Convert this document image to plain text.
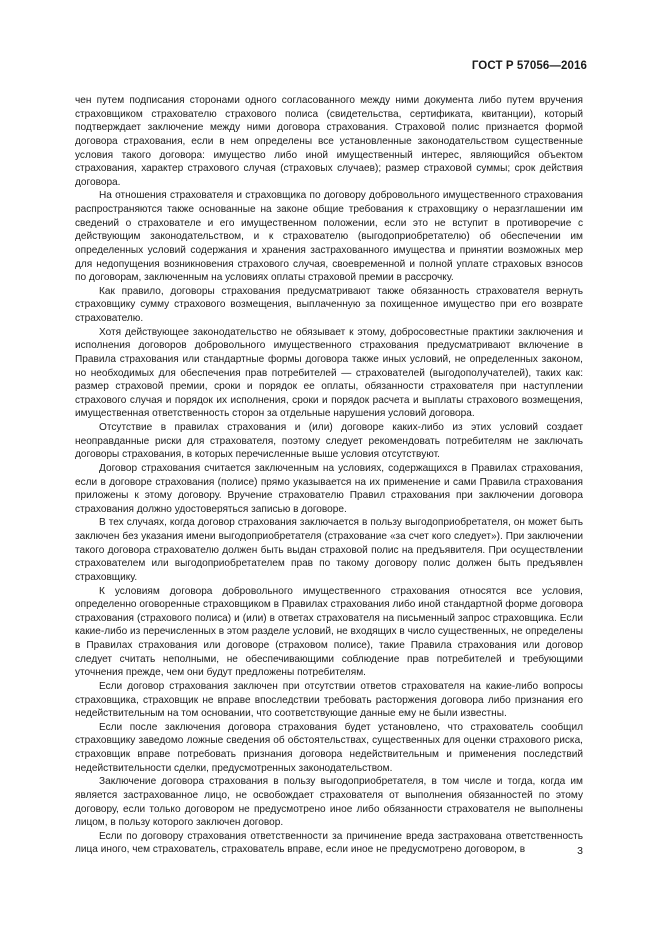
ГОСТ Р 57056—2016

чен путем подписания сторонами одного согласованного между ними документа либо путем вручения страховщиком страхователю страхового полиса (свидетельства, сертификата, квитанции), который подтверждает заключение между ними договора страхования. Страховой полис признается формой договора страхования, если в нем определены все установленные законодательством существенные условия такого договора: имущество либо иной имущественный интерес, являющийся объектом страхования, характер страхового случая (страховых случаев); размер страховой суммы; срок действия договора.

На отношения страхователя и страховщика по договору добровольного имущественного страхования распространяются также основанные на законе общие требования к страховщику о неразглашении им сведений о страхователе и его имущественном положении, если это не вступит в противоречие с действующим законодательством, и к страхователю (выгодоприобретателю) об обеспечении им определенных условий содержания и хранения застрахованного имущества и принятии возможных мер для недопущения возникновения страхового случая, своевременной и полной уплате страховых взносов по договорам, заключенным на условиях оплаты страховой премии в рассрочку.

Как правило, договоры страхования предусматривают также обязанность страхователя вернуть страховщику сумму страхового возмещения, выплаченную за похищенное имущество при его возврате страхователю.

Хотя действующее законодательство не обязывает к этому, добросовестные практики заключения и исполнения договоров добровольного имущественного страхования предусматривают включение в Правила страхования или стандартные формы договора также иных условий, не определенных законом, но необходимых для обеспечения прав потребителей — страхователей (выгодополучателей), таких как: размер страховой премии, сроки и порядок ее оплаты, обязанности страхователя при наступлении страхового случая и порядок их исполнения, сроки и порядок расчета и выплаты страхового возмещения, имущественная ответственность сторон за отдельные нарушения условий договора.

Отсутствие в правилах страхования и (или) договоре каких-либо из этих условий создает неоправданные риски для страхователя, поэтому следует рекомендовать потребителям не заключать договоры страхования, в которых перечисленные выше условия отсутствуют.

Договор страхования считается заключенным на условиях, содержащихся в Правилах страхования, если в договоре страхования (полисе) прямо указывается на их применение и сами Правила страхования приложены к этому договору. Вручение страхователю Правил страхования при заключении договора страхования должно удостоверяться записью в договоре.

В тех случаях, когда договор страхования заключается в пользу выгодоприобретателя, он может быть заключен без указания имени выгодоприобретателя (страхование «за счет кого следует»). При заключении такого договора страхователю должен быть выдан страховой полис на предъявителя. При осуществлении страхователем или выгодоприобретателем прав по такому договору полис должен быть предъявлен страховщику.

К условиям договора добровольного имущественного страхования относятся все условия, определенно оговоренные страховщиком в Правилах страхования либо иной стандартной форме договора страхования (страхового полиса) и (или) в ответах страхователя на письменный запрос страховщика. Если какие-либо из перечисленных в этом разделе условий, не входящих в число существенных, не определены в Правилах страхования или договоре (страховом полисе), такие Правила страхования или договор следует считать неполными, не обеспечивающими соблюдение прав потребителей и требующими уточнения прежде, чем они будут предложены потребителям.

Если договор страхования заключен при отсутствии ответов страхователя на какие-либо вопросы страховщика, страховщик не вправе впоследствии требовать расторжения договора либо признания его недействительным на том основании, что соответствующие данные ему не были известны.

Если после заключения договора страхования будет установлено, что страхователь сообщил страховщику заведомо ложные сведения об обстоятельствах, существенных для оценки страхового риска, страховщик вправе потребовать признания договора недействительным и применения последствий недействительности сделки, предусмотренных законодательством.

Заключение договора страхования в пользу выгодоприобретателя, в том числе и тогда, когда им является застрахованное лицо, не освобождает страхователя от выполнения обязанностей по этому договору, если только договором не предусмотрено иное либо обязанности страхователя не выполнены лицом, в пользу которого заключен договор.

Если по договору страхования ответственности за причинение вреда застрахована ответственность лица иного, чем страхователь, страхователь вправе, если иное не предусмотрено договором, в	3
